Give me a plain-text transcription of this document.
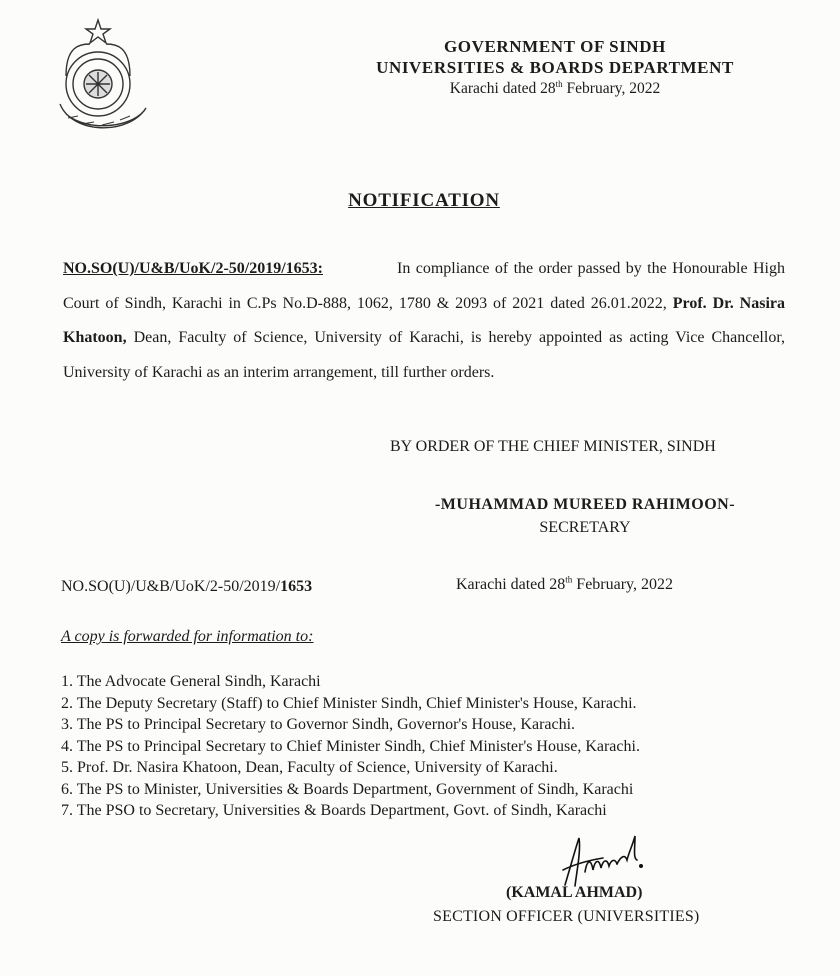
GOVERNMENT OF SINDH
UNIVERSITIES & BOARDS DEPARTMENT
Karachi dated 28th February, 2022
NOTIFICATION
NO.SO(U)/U&B/UoK/2-50/2019/1653:	In compliance of the order passed by the Honourable High Court of Sindh, Karachi in C.Ps No.D-888, 1062, 1780 & 2093 of 2021 dated 26.01.2022, Prof. Dr. Nasira Khatoon, Dean, Faculty of Science, University of Karachi, is hereby appointed as acting Vice Chancellor, University of Karachi as an interim arrangement, till further orders.
BY ORDER OF THE CHIEF MINISTER, SINDH
-MUHAMMAD MUREED RAHIMOON-
SECRETARY
NO.SO(U)/U&B/UoK/2-50/2019/1653	Karachi dated 28th February, 2022
A copy is forwarded for information to:
1. The Advocate General Sindh, Karachi
2. The Deputy Secretary (Staff) to Chief Minister Sindh, Chief Minister's House, Karachi.
3. The PS to Principal Secretary to Governor Sindh, Governor's House, Karachi.
4. The PS to Principal Secretary to Chief Minister Sindh, Chief Minister's House, Karachi.
5. Prof. Dr. Nasira Khatoon, Dean, Faculty of Science, University of Karachi.
6. The PS to Minister, Universities & Boards Department, Government of Sindh, Karachi
7. The PSO to Secretary, Universities & Boards Department, Govt. of Sindh, Karachi
(KAMAL AHMAD)
SECTION OFFICER (UNIVERSITIES)
